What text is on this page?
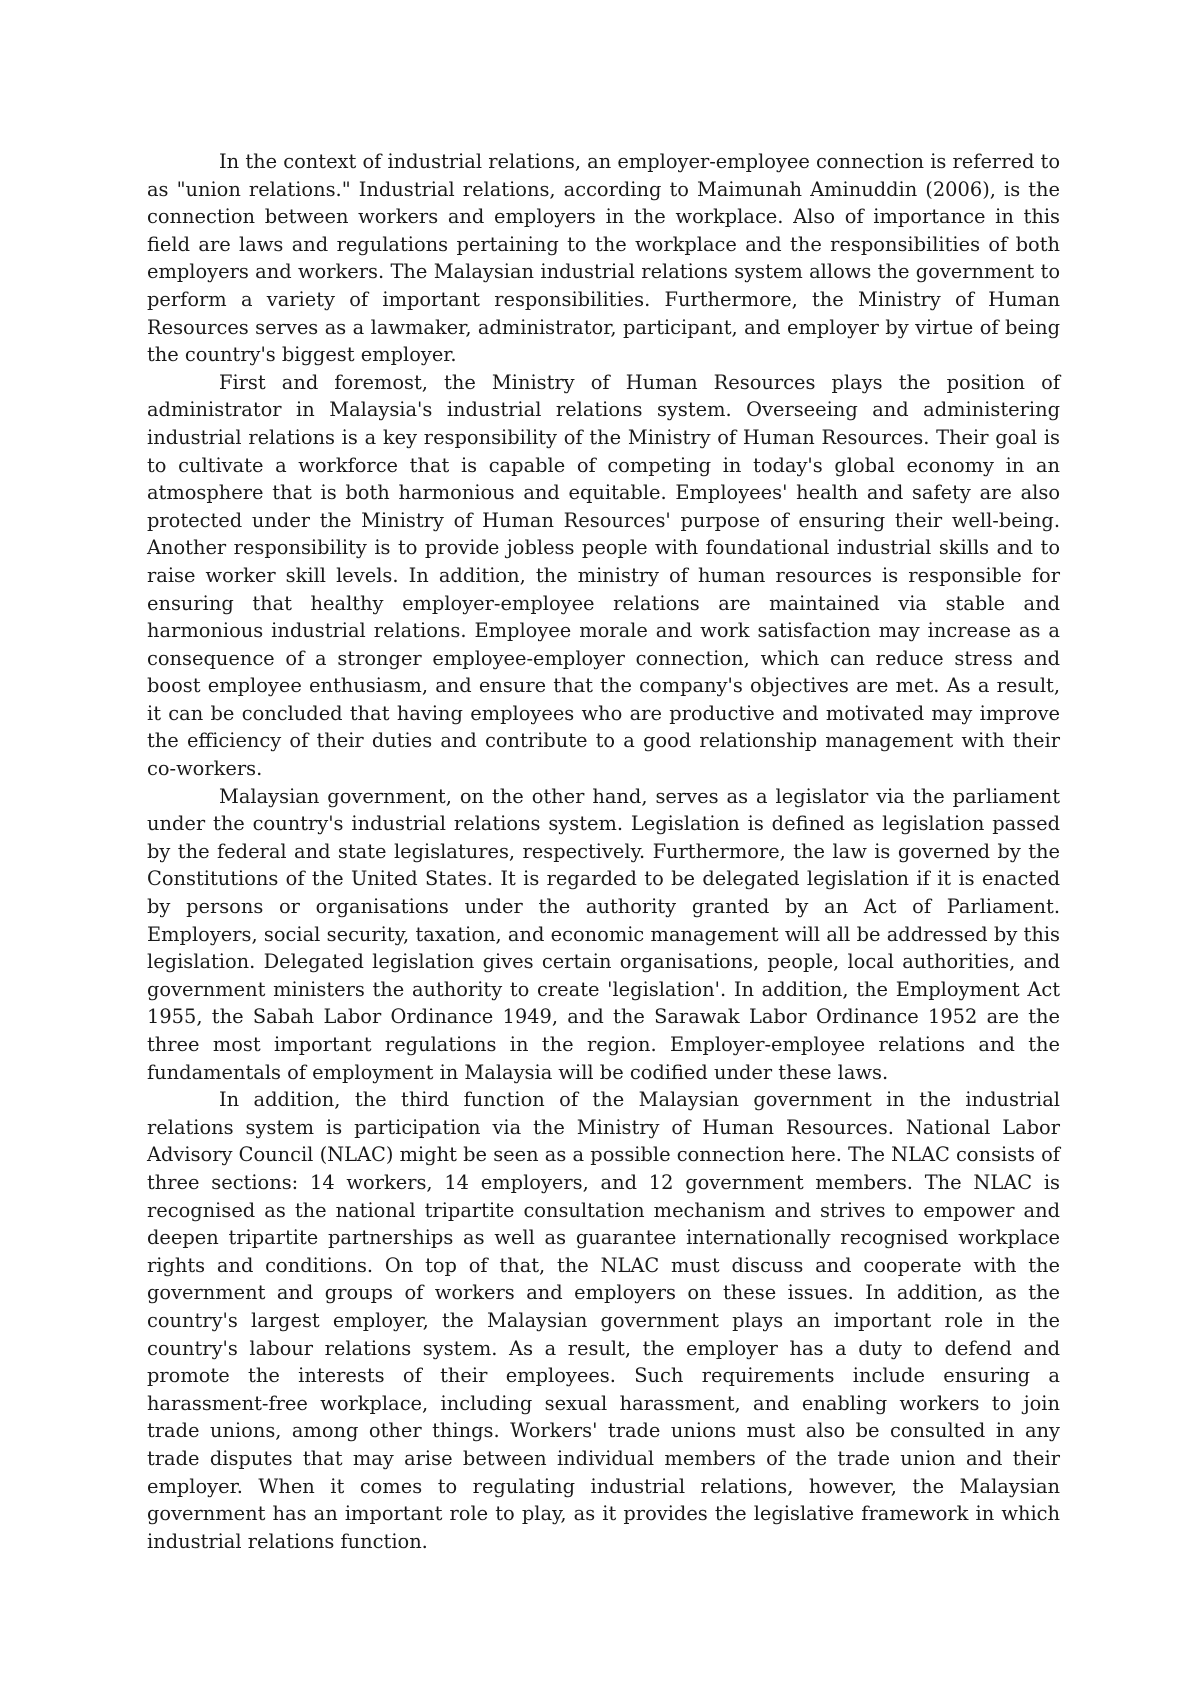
In the context of industrial relations, an employer-employee connection is referred to as "union relations." Industrial relations, according to Maimunah Aminuddin (2006), is the connection between workers and employers in the workplace. Also of importance in this field are laws and regulations pertaining to the workplace and the responsibilities of both employers and workers. The Malaysian industrial relations system allows the government to perform a variety of important responsibilities. Furthermore, the Ministry of Human Resources serves as a lawmaker, administrator, participant, and employer by virtue of being the country's biggest employer.

First and foremost, the Ministry of Human Resources plays the position of administrator in Malaysia's industrial relations system. Overseeing and administering industrial relations is a key responsibility of the Ministry of Human Resources. Their goal is to cultivate a workforce that is capable of competing in today's global economy in an atmosphere that is both harmonious and equitable. Employees' health and safety are also protected under the Ministry of Human Resources' purpose of ensuring their well-being. Another responsibility is to provide jobless people with foundational industrial skills and to raise worker skill levels. In addition, the ministry of human resources is responsible for ensuring that healthy employer-employee relations are maintained via stable and harmonious industrial relations. Employee morale and work satisfaction may increase as a consequence of a stronger employee-employer connection, which can reduce stress and boost employee enthusiasm, and ensure that the company's objectives are met. As a result, it can be concluded that having employees who are productive and motivated may improve the efficiency of their duties and contribute to a good relationship management with their co-workers.

Malaysian government, on the other hand, serves as a legislator via the parliament under the country's industrial relations system. Legislation is defined as legislation passed by the federal and state legislatures, respectively. Furthermore, the law is governed by the Constitutions of the United States. It is regarded to be delegated legislation if it is enacted by persons or organisations under the authority granted by an Act of Parliament. Employers, social security, taxation, and economic management will all be addressed by this legislation. Delegated legislation gives certain organisations, people, local authorities, and government ministers the authority to create 'legislation'. In addition, the Employment Act 1955, the Sabah Labor Ordinance 1949, and the Sarawak Labor Ordinance 1952 are the three most important regulations in the region. Employer-employee relations and the fundamentals of employment in Malaysia will be codified under these laws.

In addition, the third function of the Malaysian government in the industrial relations system is participation via the Ministry of Human Resources. National Labor Advisory Council (NLAC) might be seen as a possible connection here. The NLAC consists of three sections: 14 workers, 14 employers, and 12 government members. The NLAC is recognised as the national tripartite consultation mechanism and strives to empower and deepen tripartite partnerships as well as guarantee internationally recognised workplace rights and conditions. On top of that, the NLAC must discuss and cooperate with the government and groups of workers and employers on these issues. In addition, as the country's largest employer, the Malaysian government plays an important role in the country's labour relations system. As a result, the employer has a duty to defend and promote the interests of their employees. Such requirements include ensuring a harassment-free workplace, including sexual harassment, and enabling workers to join trade unions, among other things. Workers' trade unions must also be consulted in any trade disputes that may arise between individual members of the trade union and their employer. When it comes to regulating industrial relations, however, the Malaysian government has an important role to play, as it provides the legislative framework in which industrial relations function.
